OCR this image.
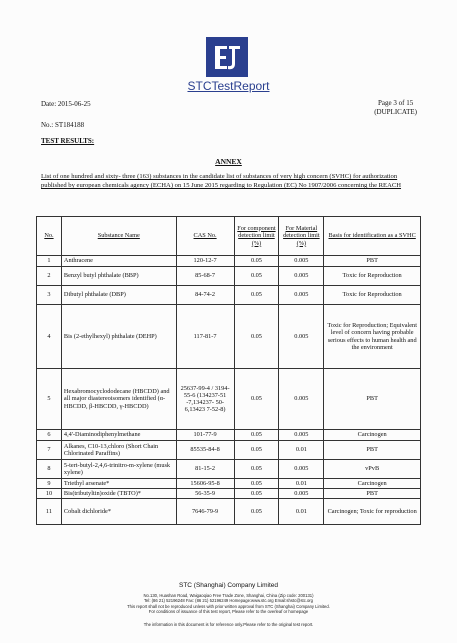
STCTestReport
Date: 2015-06-25
No.: ST184188
Page 3 of 15
(DUPLICATE)
TEST RESULTS:
ANNEX
List of one hundred and sixty- three (163) substances in the candidate list of substances of very high concern (SVHC) for authorization published by european chemicals agency (ECHA) on 15 June 2015 regarding to Regulation (EC) No 1907/2006 concerning the REACH
No.	Substance Name	CAS No.	For component detection limit (%)	For Material detection limit (%)	Basis for identification as a SVHC
1	Anthracene	120-12-7	0.05	0.005	PBT
2	Benzyl butyl phthalate (BBP)	85-68-7	0.05	0.005	Toxic for Reproduction
3	Dibutyl phthalate (DBP)	84-74-2	0.05	0.005	Toxic for Reproduction
4	Bis (2-ethylhexyl) phthalate (DEHP)	117-81-7	0.05	0.005	Toxic for Reproduction; Equivalent level of concern having probable serious effects to human health and the environment
5	Hexabromocyclododecane (HBCDD) and all major diastereoisomers identified (α-HBCDD, β-HBCDD, γ-HBCDD)	25637-99-4 / 3194-55-6 (134237-51 -7,134237- 50-6,13423 7-52-8)	0.05	0.005	PBT
6	4,4'-Diaminodiphenylmethane	101-77-9	0.05	0.005	Carcinogen
7	Alkanes, C10-13,chloro (Short Chain Chlorinated Paraffins)	85535-84-8	0.05	0.01	PBT
8	5-tert-butyl-2,4,6-trinitro-m-xylene (musk xylene)	81-15-2	0.05	0.005	vPvB
9	Triethyl arsenate*	15606-95-8	0.05	0.01	Carcinogen
10	Bis(tributyltin)oxide (TBTO)*	56-35-9	0.05	0.005	PBT
11	Cobalt dichloride*	7646-79-9	0.05	0.01	Carcinogen; Toxic for reproduction
STC (Shanghai) Company Limited
No.130, Huashan Road, Waigaoqiao Free Trade Zone, Shanghai, China (Zip code: 200131)
Tel: (86 21) 52196248 Fax: (86 21) 52196249 Homepage:www.stc.org Email:shstc@stc.org
This report shall not be reproduced unless with prior written approval from STC (Shanghai) Company Limited.
For conditions of issuance of this test report, Please refer to the overleaf or homepage
The information in this document is for reference only.Please refer to the original test report.
